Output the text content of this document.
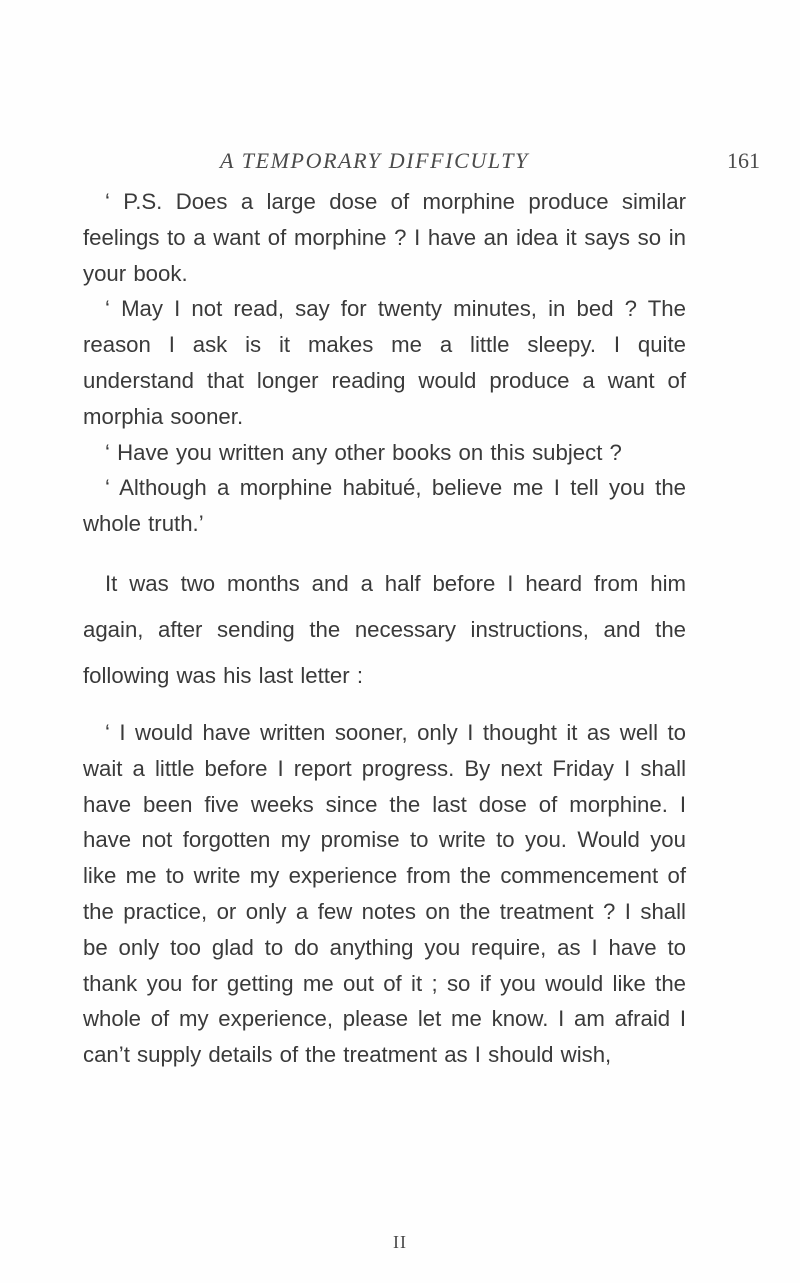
A TEMPORARY DIFFICULTY	161

‘ P.S. Does a large dose of morphine produce similar feelings to a want of morphine ? I have an idea it says so in your book.

‘ May I not read, say for twenty minutes, in bed ? The reason I ask is it makes me a little sleepy. I quite understand that longer reading would produce a want of morphia sooner.

‘ Have you written any other books on this subject ?

‘ Although a morphine habitué, believe me I tell you the whole truth.’

It was two months and a half before I heard from him again, after sending the necessary instructions, and the following was his last letter :

‘ I would have written sooner, only I thought it as well to wait a little before I report progress. By next Friday I shall have been five weeks since the last dose of morphine. I have not forgotten my promise to write to you. Would you like me to write my experience from the commencement of the practice, or only a few notes on the treatment ? I shall be only too glad to do anything you require, as I have to thank you for getting me out of it ; so if you would like the whole of my experience, please let me know. I am afraid I can’t supply details of the treatment as I should wish,

II
